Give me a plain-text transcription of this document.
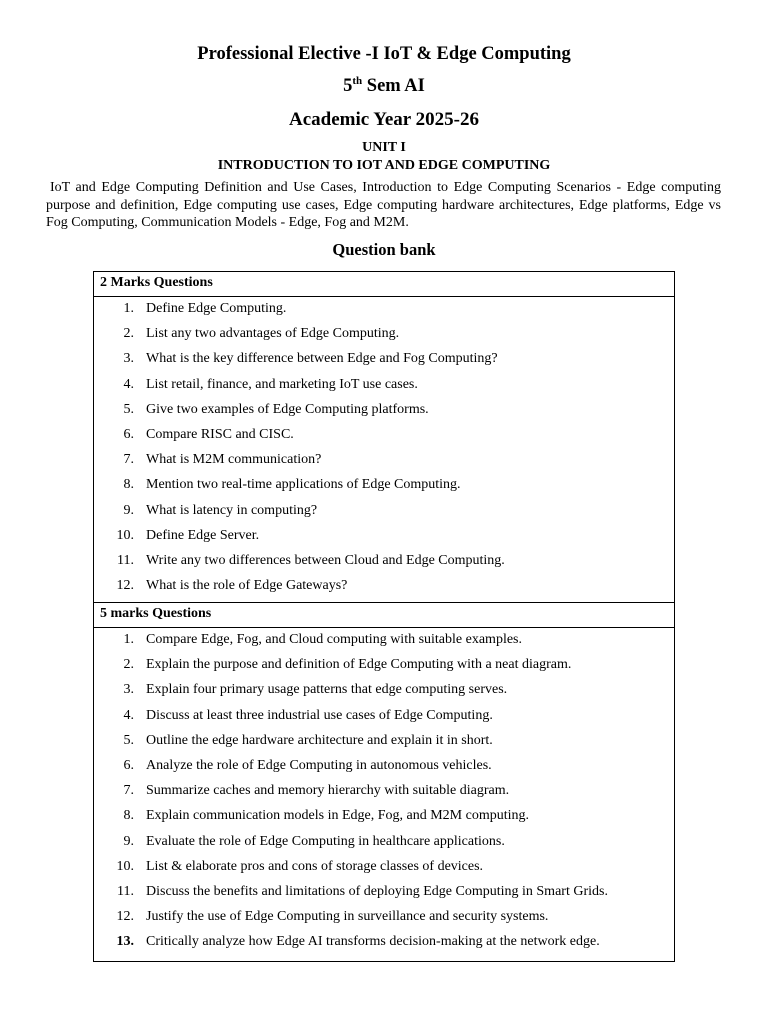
Professional Elective -I IoT & Edge Computing
5th Sem AI
Academic Year 2025-26
UNIT I
INTRODUCTION TO IOT AND EDGE COMPUTING
IoT and Edge Computing Definition and Use Cases, Introduction to Edge Computing Scenarios - Edge computing purpose and definition, Edge computing use cases, Edge computing hardware architectures, Edge platforms, Edge vs Fog Computing, Communication Models - Edge, Fog and M2M.
Question bank
2 Marks Questions
1. Define Edge Computing.
2. List any two advantages of Edge Computing.
3. What is the key difference between Edge and Fog Computing?
4. List retail, finance, and marketing IoT use cases.
5. Give two examples of Edge Computing platforms.
6. Compare RISC and CISC.
7. What is M2M communication?
8. Mention two real-time applications of Edge Computing.
9. What is latency in computing?
10. Define Edge Server.
11. Write any two differences between Cloud and Edge Computing.
12. What is the role of Edge Gateways?
5 marks Questions
1. Compare Edge, Fog, and Cloud computing with suitable examples.
2. Explain the purpose and definition of Edge Computing with a neat diagram.
3. Explain four primary usage patterns that edge computing serves.
4. Discuss at least three industrial use cases of Edge Computing.
5. Outline the edge hardware architecture and explain it in short.
6. Analyze the role of Edge Computing in autonomous vehicles.
7. Summarize caches and memory hierarchy with suitable diagram.
8. Explain communication models in Edge, Fog, and M2M computing.
9. Evaluate the role of Edge Computing in healthcare applications.
10. List & elaborate pros and cons of storage classes of devices.
11. Discuss the benefits and limitations of deploying Edge Computing in Smart Grids.
12. Justify the use of Edge Computing in surveillance and security systems.
13. Critically analyze how Edge AI transforms decision-making at the network edge.
